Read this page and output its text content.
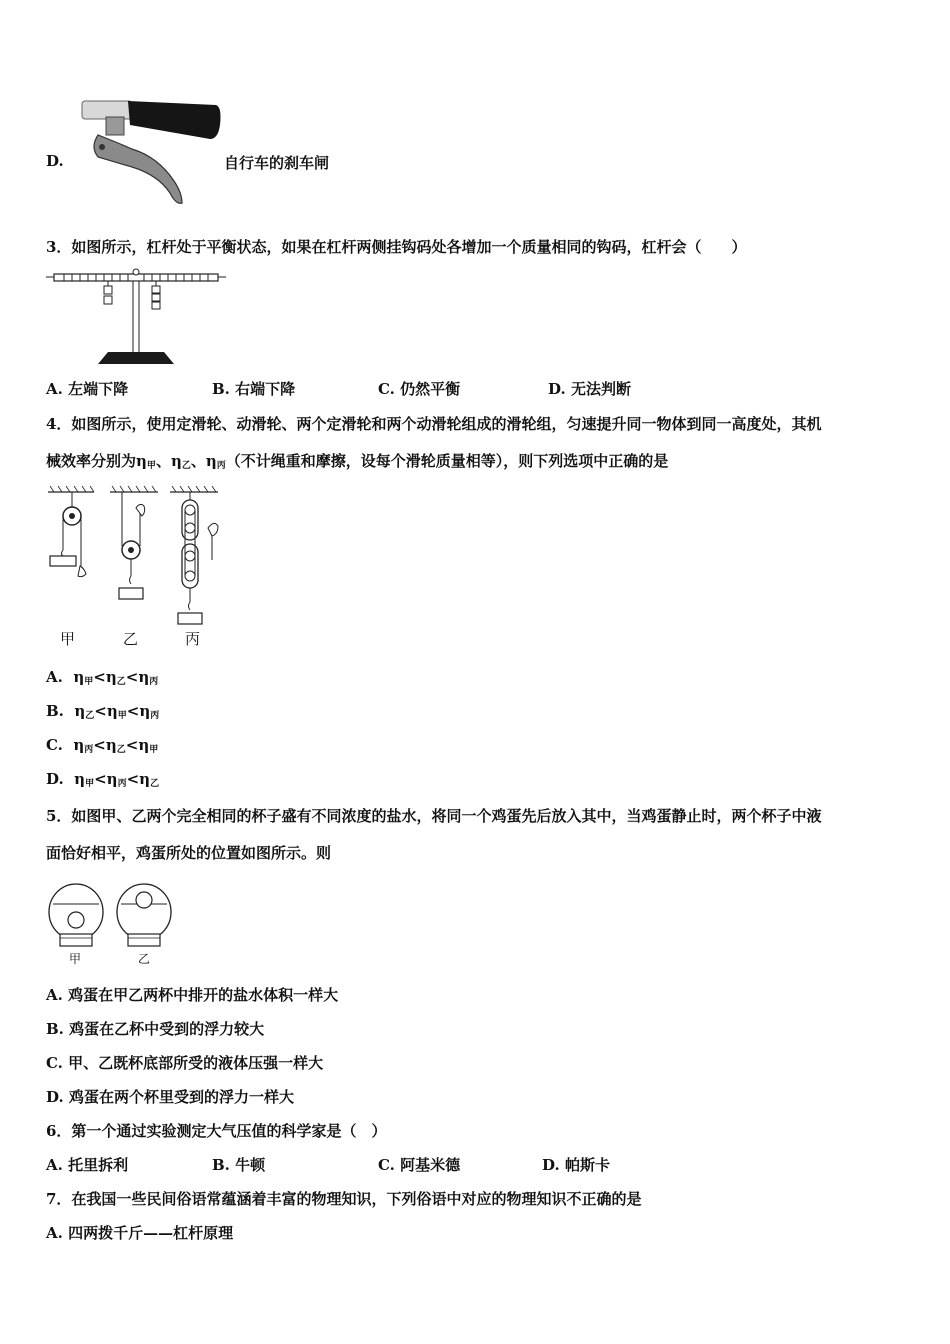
D.	自行车的刹车闸
3．如图所示，杠杆处于平衡状态，如果在杠杆两侧挂钩码处各增加一个质量相同的钩码，杠杆会（　　）
A. 左端下降	B. 右端下降	C. 仍然平衡	D. 无法判断
4．如图所示，使用定滑轮、动滑轮、两个定滑轮和两个动滑轮组成的滑轮组，匀速提升同一物体到同一高度处，其机
械效率分别为$\eta_甲$、$\eta_乙$、$\eta_丙$（不计绳重和摩擦，设每个滑轮质量相等），则下列选项中正确的是
甲	乙	丙
A. $\eta_甲<\eta_乙<\eta_丙$
B. $\eta_乙<\eta_甲<\eta_丙$
C. $\eta_丙<\eta_乙<\eta_甲$
D. $\eta_甲<\eta_丙<\eta_乙$
5．如图甲、乙两个完全相同的杯子盛有不同浓度的盐水，将同一个鸡蛋先后放入其中，当鸡蛋静止时，两个杯子中液
面恰好相平，鸡蛋所处的位置如图所示。则
甲	乙
A. 鸡蛋在甲乙两杯中排开的盐水体积一样大
B. 鸡蛋在乙杯中受到的浮力较大
C. 甲、乙既杯底部所受的液体压强一样大
D. 鸡蛋在两个杯里受到的浮力一样大
6．第一个通过实验测定大气压值的科学家是（　）
A. 托里拆利	B. 牛顿	C. 阿基米德	D. 帕斯卡
7．在我国一些民间俗语常蕴涵着丰富的物理知识，下列俗语中对应的物理知识不正确的是
A. 四两拨千斤——杠杆原理
